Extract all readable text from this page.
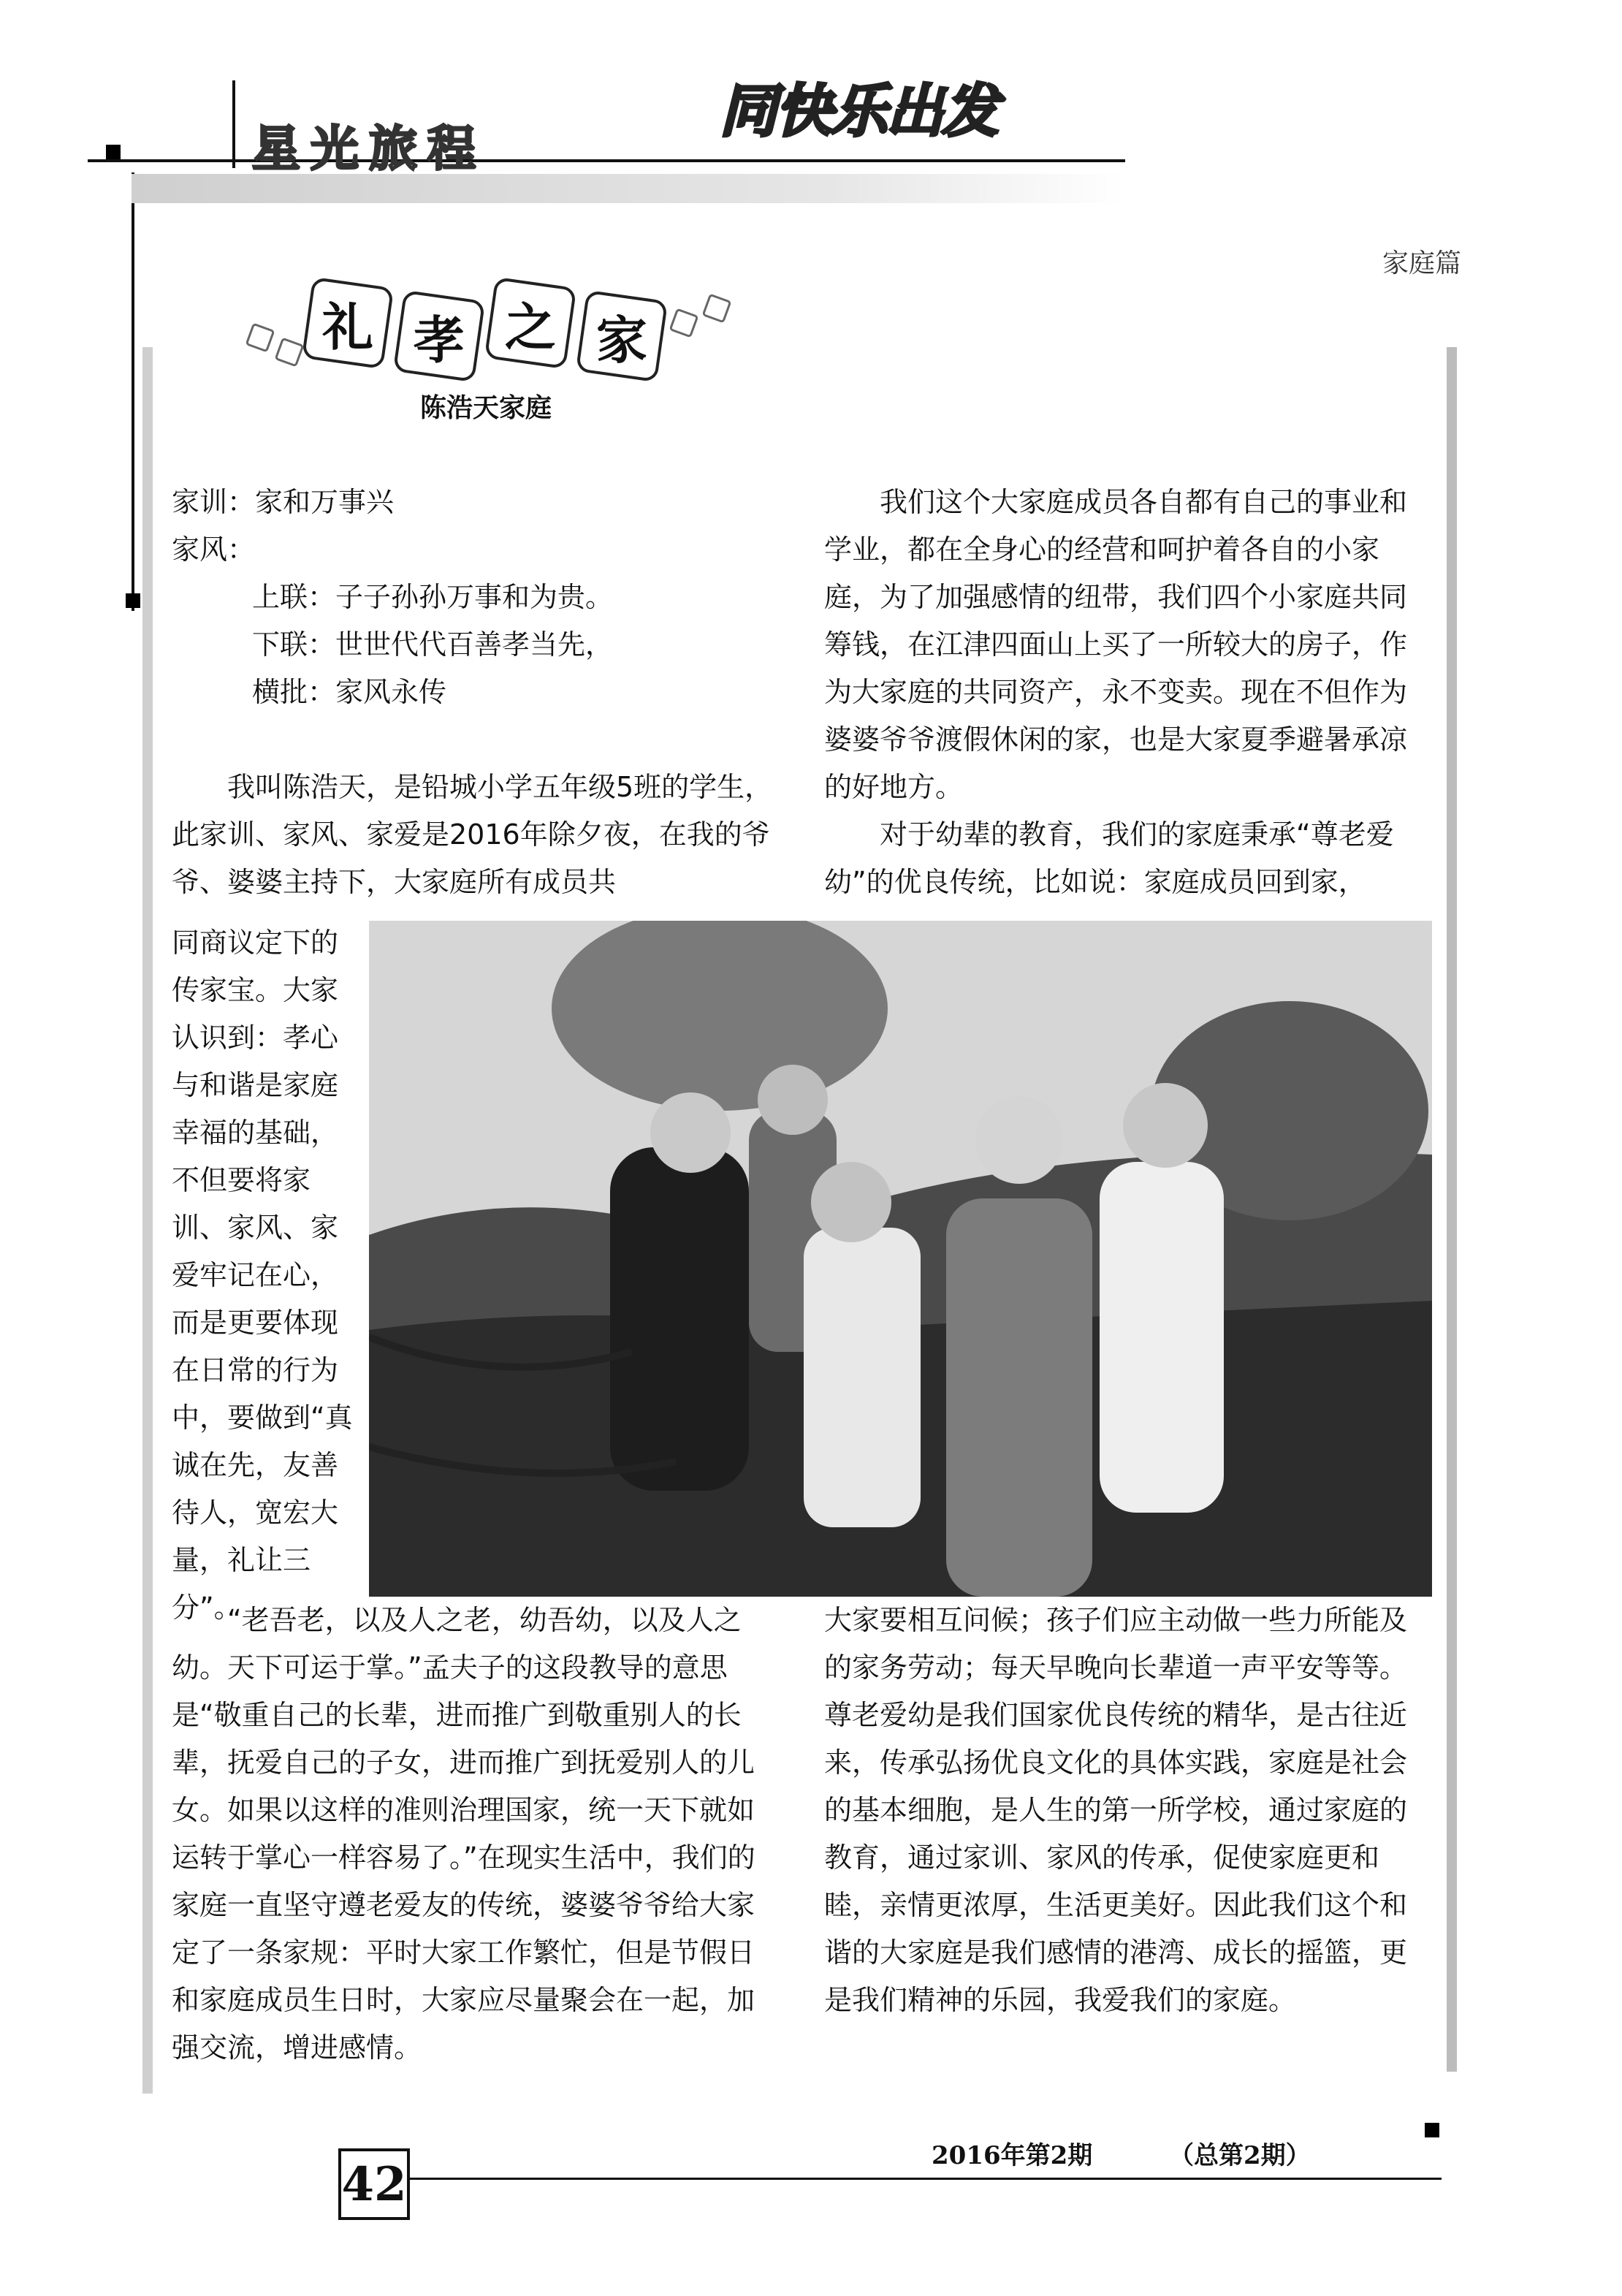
星光旅程
同快乐出发
家庭篇
礼 孝 之 家
陈浩天家庭

家训：家和万事兴

家风：

上联：子子孙孙万事和为贵。

下联：世世代代百善孝当先，

横批：家风永传

我叫陈浩天，是铅城小学五年级5班的学生，此家训、家风、家爱是2016年除夕夜，在我的爷爷、婆婆主持下，大家庭所有成员共

同商议定下的传家宝。大家认识到：孝心与和谐是家庭幸福的基础，不但要将家训、家风、家爱牢记在心，而是更要体现在日常的行为中，要做到“真诚在先，友善待人，宽宏大量，礼让三分”。

“老吾老，以及人之老，幼吾幼，以及人之幼。天下可运于掌。”孟夫子的这段教导的意思是“敬重自己的长辈，进而推广到敬重别人的长辈，抚爱自己的子女，进而推广到抚爱别人的儿女。如果以这样的准则治理国家，统一天下就如运转于掌心一样容易了。”在现实生活中，我们的家庭一直坚守遵老爱友的传统，婆婆爷爷给大家定了一条家规：平时大家工作繁忙，但是节假日和家庭成员生日时，大家应尽量聚会在一起，加强交流，增进感情。

我们这个大家庭成员各自都有自己的事业和学业，都在全身心的经营和呵护着各自的小家庭，为了加强感情的纽带，我们四个小家庭共同筹钱，在江津四面山上买了一所较大的房子，作为大家庭的共同资产，永不变卖。现在不但作为婆婆爷爷渡假休闲的家，也是大家夏季避暑承凉的好地方。

对于幼辈的教育，我们的家庭秉承“尊老爱幼”的优良传统，比如说：家庭成员回到家，

大家要相互问候；孩子们应主动做一些力所能及的家务劳动；每天早晚向长辈道一声平安等等。尊老爱幼是我们国家优良传统的精华，是古往近来，传承弘扬优良文化的具体实践，家庭是社会的基本细胞，是人生的第一所学校，通过家庭的教育，通过家训、家风的传承，促使家庭更和睦，亲情更浓厚，生活更美好。因此我们这个和谐的大家庭是我们感情的港湾、成长的摇篮，更是我们精神的乐园，我爱我们的家庭。

42
2016年第2期	（总第2期）
